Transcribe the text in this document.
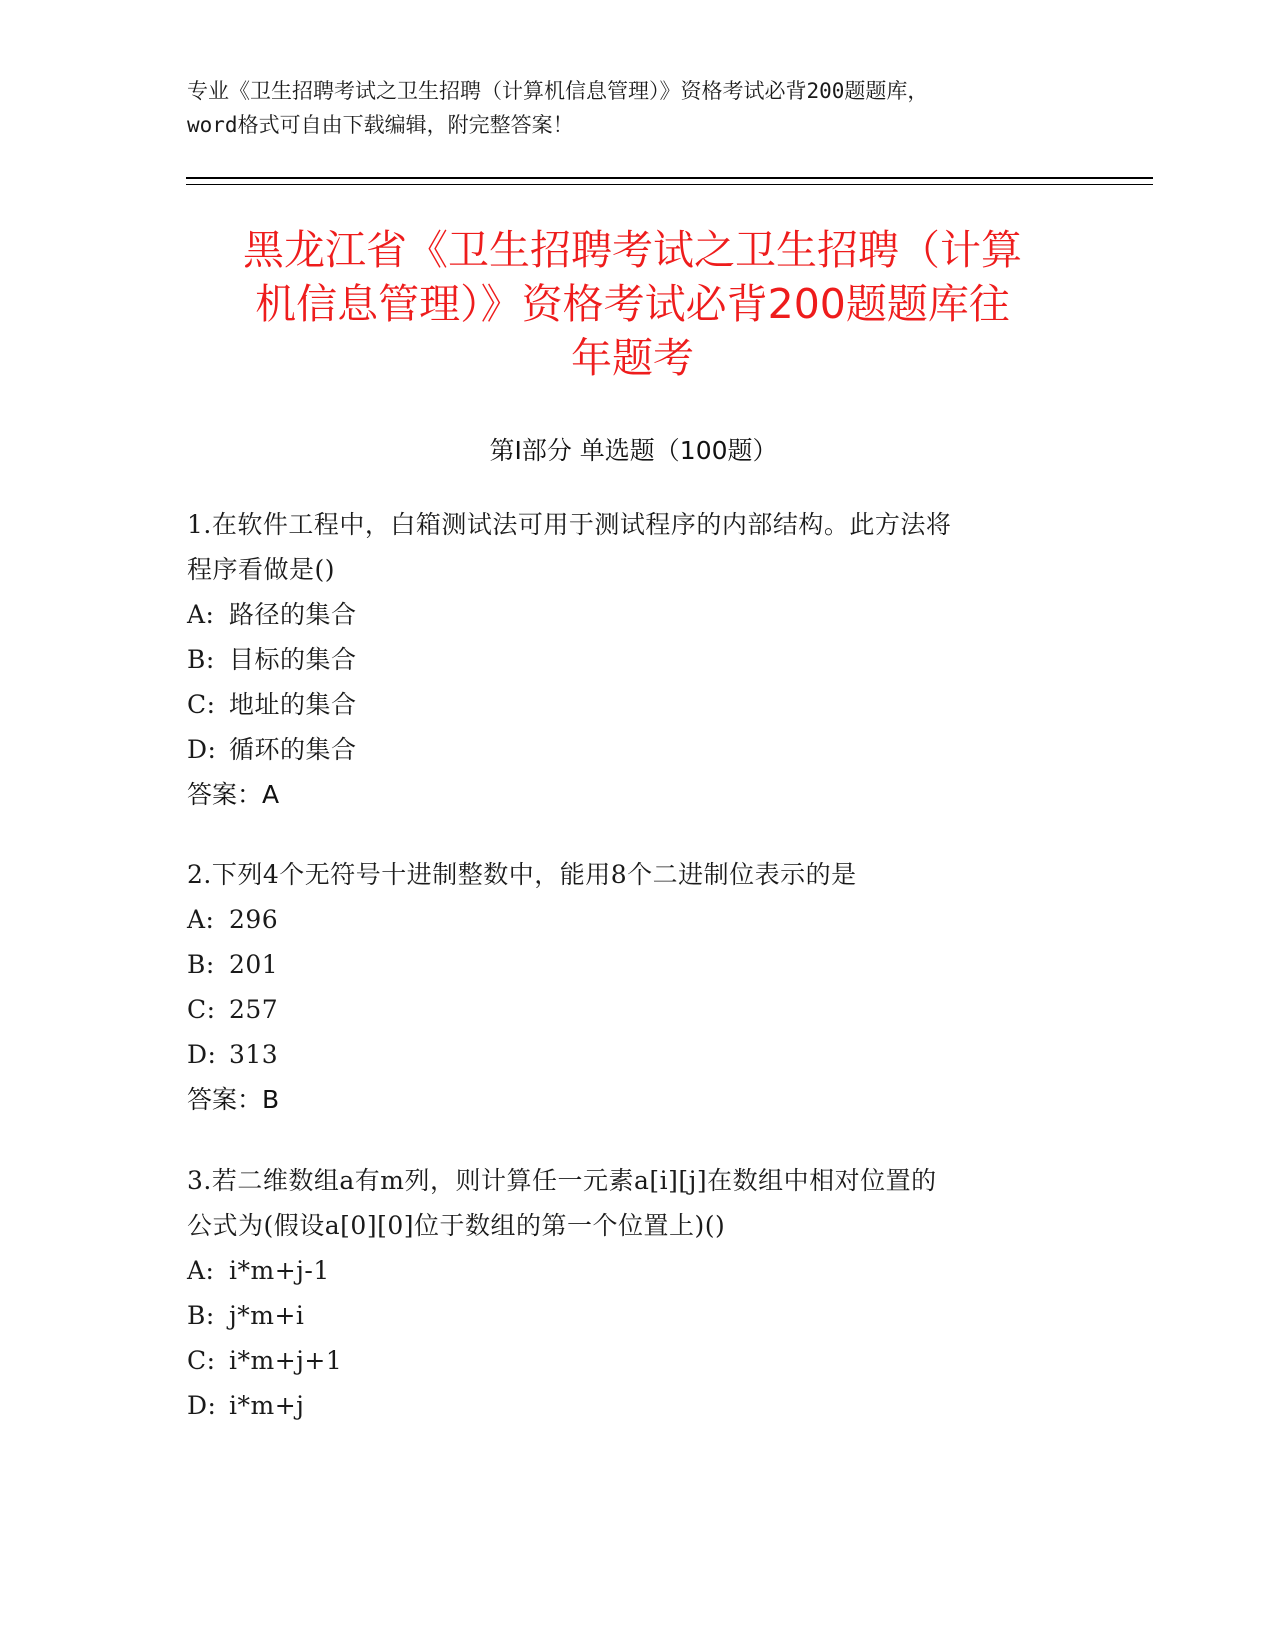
专业《卫生招聘考试之卫生招聘（计算机信息管理）》资格考试必背200题题库，
word格式可自由下载编辑，附完整答案！
黑龙江省《卫生招聘考试之卫生招聘（计算
机信息管理）》资格考试必背200题题库往
年题考
第Ⅰ部分 单选题（100题）

1.在软件工程中，白箱测试法可用于测试程序的内部结构。此方法将

程序看做是()

A: 路径的集合

B: 目标的集合

C: 地址的集合

D: 循环的集合

答案：A

2.下列4个无符号十进制整数中，能用8个二进制位表示的是

A: 296

B: 201

C: 257

D: 313

答案：B

3.若二维数组a有m列，则计算任一元素a[i][j]在数组中相对位置的

公式为(假设a[0][0]位于数组的第一个位置上)()

A: i*m+j-1

B: j*m+i

C: i*m+j+1

D: i*m+j
